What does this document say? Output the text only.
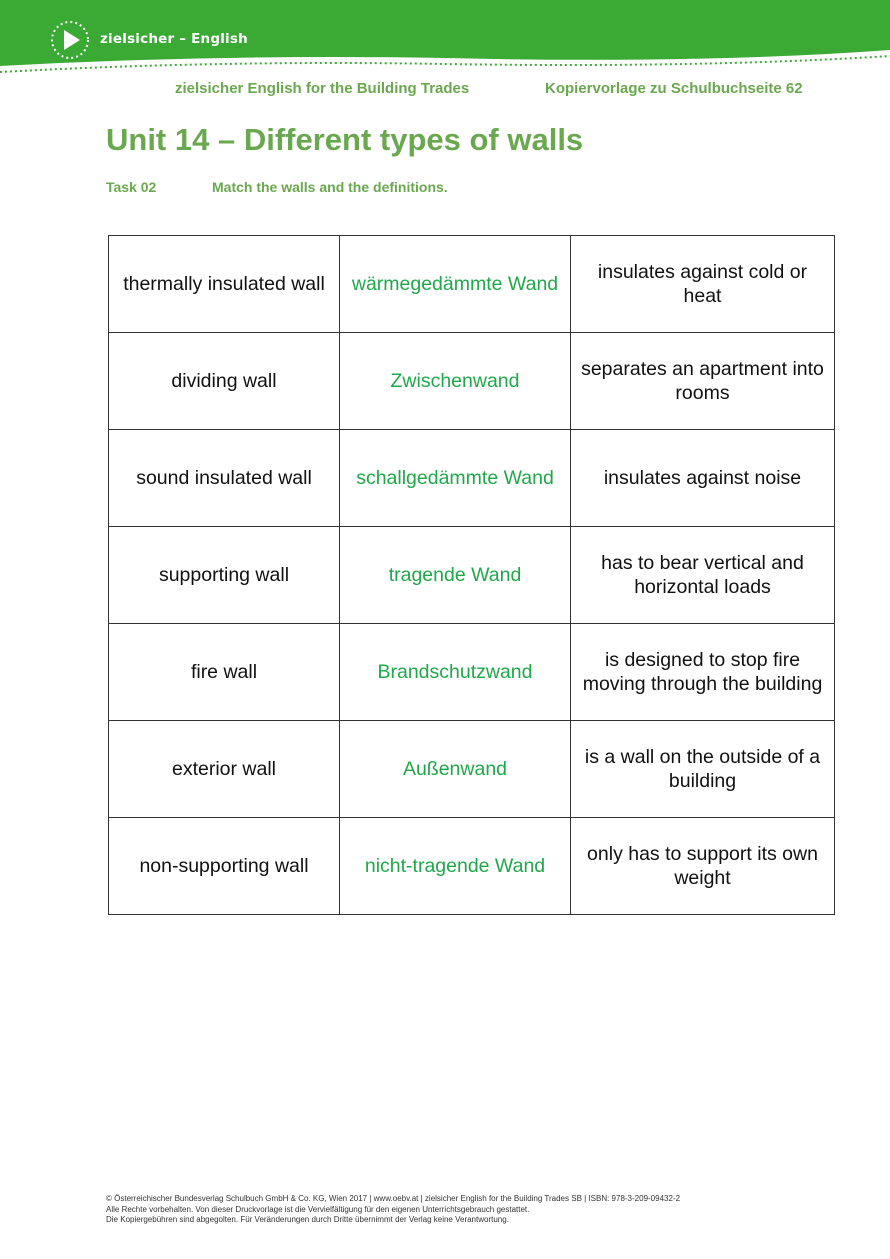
zielsicher – English
zielsicher English for the Building Trades	Kopiervorlage zu Schulbuchseite 62
Unit 14 – Different types of walls
Task 02	Match the walls and the definitions.
thermally insulated wall	wärmegedämmte Wand	insulates against cold or heat
dividing wall	Zwischenwand	separates an apartment into rooms
sound insulated wall	schallgedämmte Wand	insulates against noise
supporting wall	tragende Wand	has to bear vertical and horizontal loads
fire wall	Brandschutzwand	is designed to stop fire moving through the building
exterior wall	Außenwand	is a wall on the outside of a building
non-supporting wall	nicht-tragende Wand	only has to support its own weight
© Österreichischer Bundesverlag Schulbuch GmbH & Co. KG, Wien 2017 | www.oebv.at | zielsicher English for the Building Trades SB | ISBN: 978-3-209-09432-2
Alle Rechte vorbehalten. Von dieser Druckvorlage ist die Vervielfältigung für den eigenen Unterrichtsgebrauch gestattet.
Die Kopiergebühren sind abgegolten. Für Veränderungen durch Dritte übernimmt der Verlag keine Verantwortung.
